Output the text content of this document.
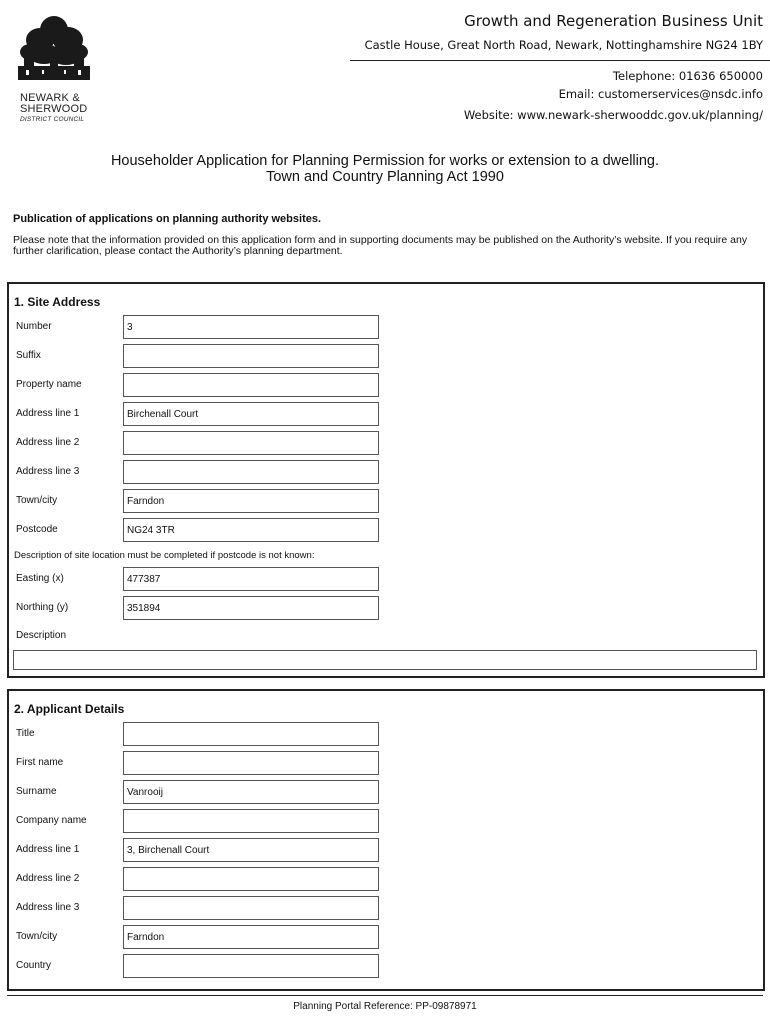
NEWARK &
SHERWOOD
DISTRICT COUNCIL
Growth and Regeneration Business Unit
Castle House, Great North Road, Newark, Nottinghamshire NG24 1BY
Telephone: 01636 650000
Email: customerservices@nsdc.info
Website: www.newark-sherwooddc.gov.uk/planning/
Householder Application for Planning Permission for works or extension to a dwelling.
Town and Country Planning Act 1990
Publication of applications on planning authority websites.
Please note that the information provided on this application form and in supporting documents may be published on the Authority’s website. If you require any further clarification, please contact the Authority’s planning department.
1. Site Address
Number	3
Suffix
Property name
Address line 1	Birchenall Court
Address line 2
Address line 3
Town/city	Farndon
Postcode	NG24 3TR
Description of site location must be completed if postcode is not known:
Easting (x)	477387
Northing (y)	351894
Description
2. Applicant Details
Title
First name
Surname	Vanrooij
Company name
Address line 1	3, Birchenall Court
Address line 2
Address line 3
Town/city	Farndon
Country
Planning Portal Reference: PP-09878971
